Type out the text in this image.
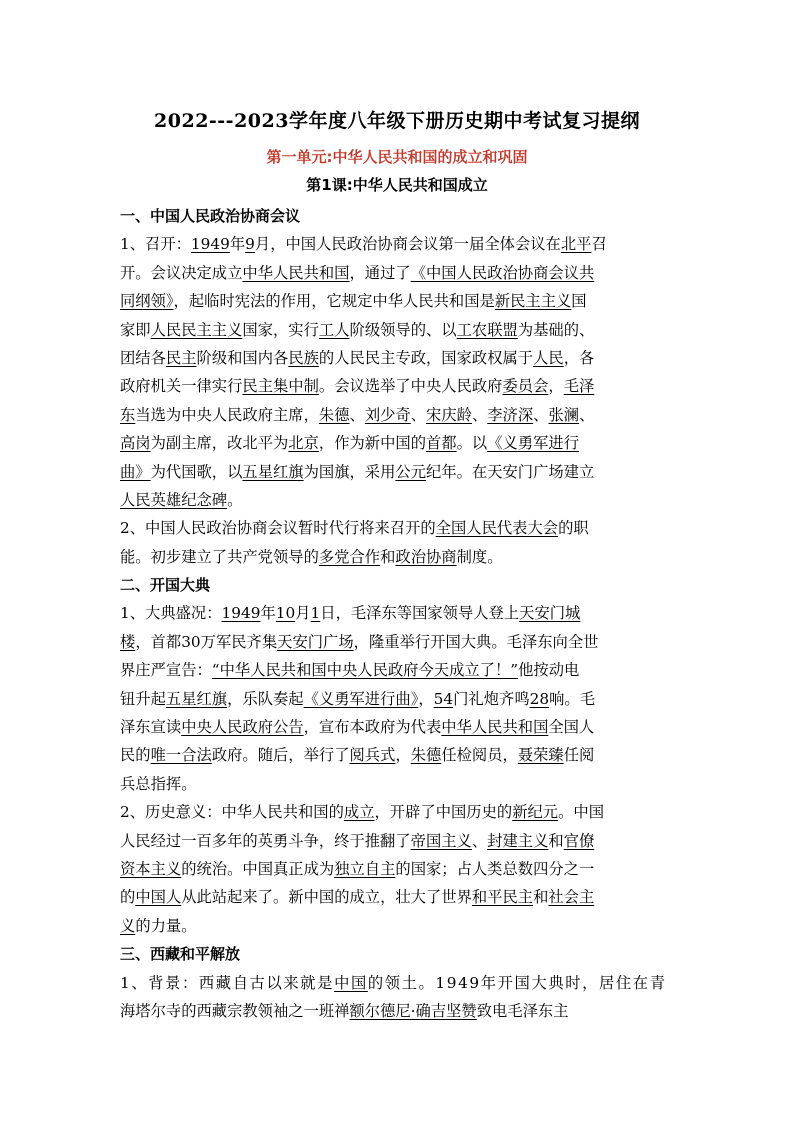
2022---2023学年度八年级下册历史期中考试复习提纲
第一单元:中华人民共和国的成立和巩固
第1课:中华人民共和国成立
一、中国人民政治协商会议
1、召开：1949年9月，中国人民政治协商会议第一届全体会议在北平召
开。会议决定成立中华人民共和国，通过了《中国人民政治协商会议共
同纲领》，起临时宪法的作用，它规定中华人民共和国是新民主主义国
家即人民民主主义国家，实行工人阶级领导的、以工农联盟为基础的、
团结各民主阶级和国内各民族的人民民主专政，国家政权属于人民，各
政府机关一律实行民主集中制。会议选举了中央人民政府委员会，毛泽
东当选为中央人民政府主席，朱德、刘少奇、宋庆龄、李济深、张澜、
高岗为副主席，改北平为北京，作为新中国的首都。以《义勇军进行
曲》为代国歌，以五星红旗为国旗，采用公元纪年。在天安门广场建立
人民英雄纪念碑。
2、中国人民政治协商会议暂时代行将来召开的全国人民代表大会的职
能。初步建立了共产党领导的多党合作和政治协商制度。
二、开国大典
1、大典盛况：1949年10月1日，毛泽东等国家领导人登上天安门城
楼，首都30万军民齐集天安门广场，隆重举行开国大典。毛泽东向全世
界庄严宣告：“中华人民共和国中央人民政府今天成立了！”他按动电
钮升起五星红旗，乐队奏起《义勇军进行曲》，54门礼炮齐鸣28响。毛
泽东宣读中央人民政府公告，宣布本政府为代表中华人民共和国全国人
民的唯一合法政府。随后，举行了阅兵式，朱德任检阅员，聂荣臻任阅
兵总指挥。
2、历史意义：中华人民共和国的成立，开辟了中国历史的新纪元。中国
人民经过一百多年的英勇斗争，终于推翻了帝国主义、封建主义和官僚
资本主义的统治。中国真正成为独立自主的国家；占人类总数四分之一
的中国人从此站起来了。新中国的成立，壮大了世界和平民主和社会主
义的力量。
三、西藏和平解放
1、背景：西藏自古以来就是中国的领土。1949年开国大典时，居住在青
海塔尔寺的西藏宗教领袖之一班禅额尔德尼·确吉坚赞致电毛泽东主
